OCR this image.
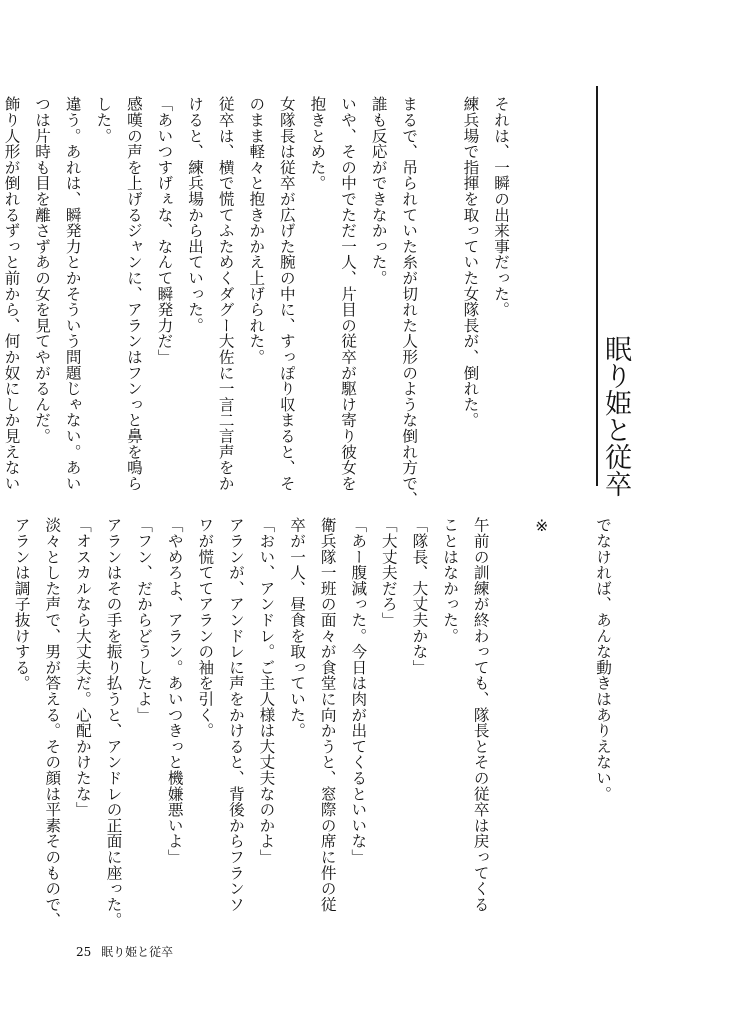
眠り姫と従卒

それは、一瞬の出来事だった。

練兵場で指揮を取っていた女隊長が、倒れた。

まるで、吊られていた糸が切れた人形のような倒れ方で、

誰も反応ができなかった。

いや、その中でただ一人、片目の従卒が駆け寄り彼女を

抱きとめた。

女隊長は従卒が広げた腕の中に、すっぽり収まると、そ

のまま軽々と抱きかかえ上げられた。

従卒は、横で慌てふためくダグー大佐に一言二言声をか

けると、練兵場から出ていった。

「あいつすげぇな、なんて瞬発力だ」

感嘆の声を上げるジャンに、アランはフンっと鼻を鳴ら

した。

違う。あれは、瞬発力とかそういう問題じゃない。あい

つは片時も目を離さずあの女を見てやがるんだ。

飾り人形が倒れるずっと前から、何か奴にしか見えない

でなければ、あんな動きはありえない。

※

午前の訓練が終わっても、隊長とその従卒は戻ってくる

ことはなかった。

「隊長、大丈夫かな」

「大丈夫だろ」

「あー腹減った。今日は肉が出てくるといいな」

衛兵隊一班の面々が食堂に向かうと、窓際の席に件の従

卒が一人、昼食を取っていた。

「おい、アンドレ。ご主人様は大丈夫なのかよ」

アランが、アンドレに声をかけると、背後からフランソ

ワが慌ててアランの袖を引く。

「やめろよ、アラン。あいつきっと機嫌悪いよ」

「フン、だからどうしたよ」

アランはその手を振り払うと、アンドレの正面に座った。

「オスカルなら大丈夫だ。心配かけたな」

淡々とした声で、男が答える。その顔は平素そのもので、

アランは調子抜けする。

25 眠り姫と従卒
